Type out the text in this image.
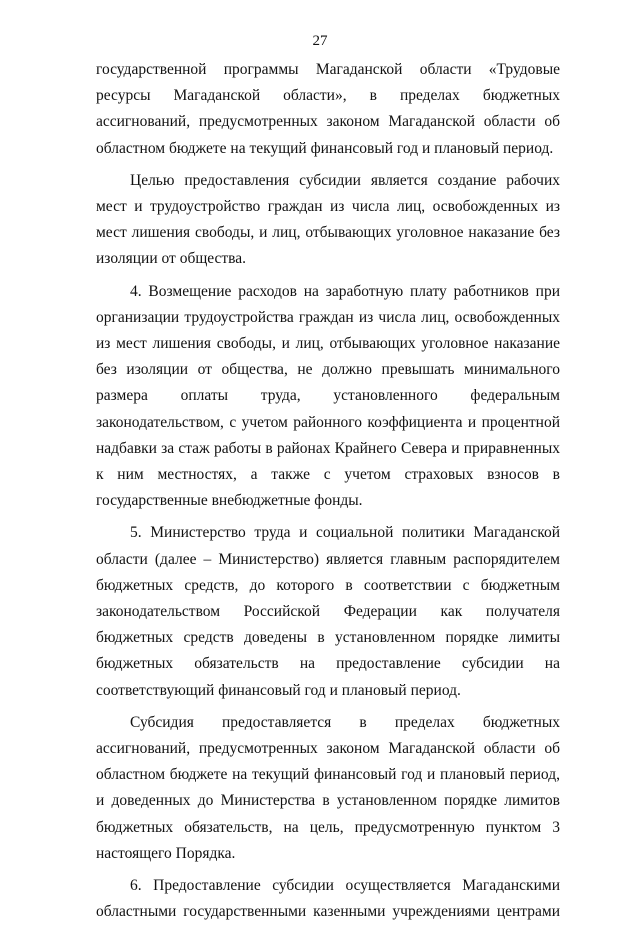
27

государственной программы Магаданской области «Трудовые ресурсы Магаданской области», в пределах бюджетных ассигнований, предусмотренных законом Магаданской области об областном бюджете на текущий финансовый год и плановый период.

Целью предоставления субсидии является создание рабочих мест и трудоустройство граждан из числа лиц, освобожденных из мест лишения свободы, и лиц, отбывающих уголовное наказание без изоляции от общества.

4. Возмещение расходов на заработную плату работников при организации трудоустройства граждан из числа лиц, освобожденных из мест лишения свободы, и лиц, отбывающих уголовное наказание без изоляции от общества, не должно превышать минимального размера оплаты труда, установленного федеральным законодательством, с учетом районного коэффициента и процентной надбавки за стаж работы в районах Крайнего Севера и приравненных к ним местностях, а также с учетом страховых взносов в государственные внебюджетные фонды.

5. Министерство труда и социальной политики Магаданской области (далее – Министерство) является главным распорядителем бюджетных средств, до которого в соответствии с бюджетным законодательством Российской Федерации как получателя бюджетных средств доведены в установленном порядке лимиты бюджетных обязательств на предоставление субсидии на соответствующий финансовый год и плановый период.

Субсидия предоставляется в пределах бюджетных ассигнований, предусмотренных законом Магаданской области об областном бюджете на текущий финансовый год и плановый период, и доведенных до Министерства в установленном порядке лимитов бюджетных обязательств, на цель, предусмотренную пунктом 3 настоящего Порядка.

6. Предоставление субсидии осуществляется Магаданскими областными государственными казенными учреждениями центрами
